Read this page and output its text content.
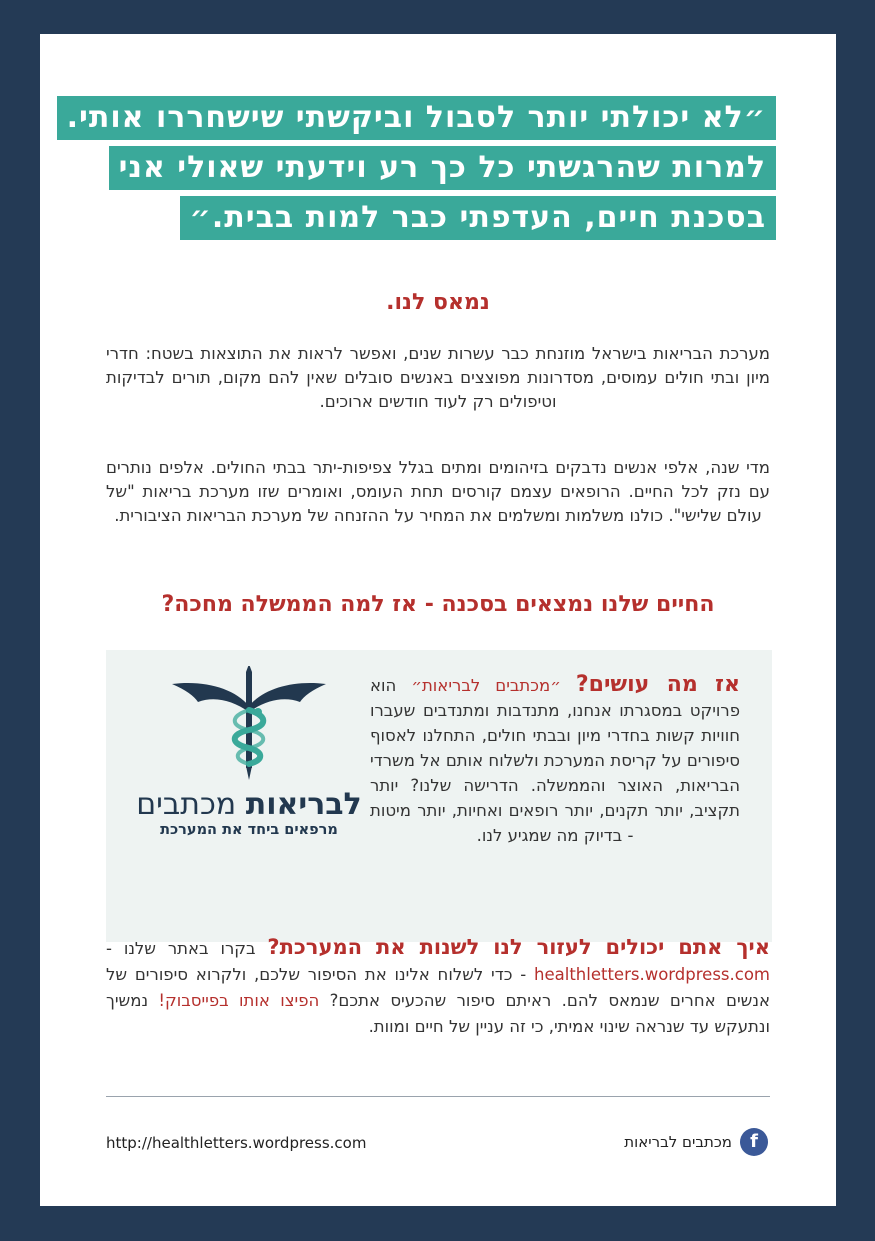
״לא יכולתי יותר לסבול וביקשתי שישחררו אותי.
למרות שהרגשתי כל כך רע וידעתי שאולי אני
בסכנת חיים, העדפתי כבר למות בבית.״
נמאס לנו.
מערכת הבריאות בישראל מוזנחת כבר עשרות שנים, ואפשר לראות את התוצאות בשטח: חדרי מיון ובתי חולים עמוסים, מסדרונות מפוצצים באנשים סובלים שאין להם מקום, תורים לבדיקות וטיפולים רק לעוד חודשים ארוכים.
מדי שנה, אלפי אנשים נדבקים בזיהומים ומתים בגלל צפיפות-יתר בבתי החולים. אלפים נותרים עם נזק לכל החיים. הרופאים עצמם קורסים תחת העומס, ואומרים שזו מערכת בריאות "של עולם שלישי". כולנו משלמות ומשלמים את המחיר על ההזנחה של מערכת הבריאות הציבורית.
החיים שלנו נמצאים בסכנה - אז למה הממשלה מחכה?
אז מה עושים? ״מכתבים לבריאות״ הוא פרויקט במסגרתו אנחנו, מתנדבות ומתנדבים שעברו חוויות קשות בחדרי מיון ובבתי חולים, התחלנו לאסוף סיפורים על קריסת המערכת ולשלוח אותם אל משרדי הבריאות, האוצר והממשלה. הדרישה שלנו? יותר תקציב, יותר תקנים, יותר רופאים ואחיות, יותר מיטות - בדיוק מה שמגיע לנו.
לבריאות מכתבים
מרפאים ביחד את המערכת
איך אתם יכולים לעזור לנו לשנות את המערכת? בקרו באתר שלנו - healthletters.wordpress.com - כדי לשלוח אלינו את הסיפור שלכם, ולקרוא סיפורים של אנשים אחרים שנמאס להם. ראיתם סיפור שהכעיס אתכם? הפיצו אותו בפייסבוק! נמשיך ונתעקש עד שנראה שינוי אמיתי, כי זה עניין של חיים ומוות.
http://healthletters.wordpress.com	f
מכתבים לבריאות
